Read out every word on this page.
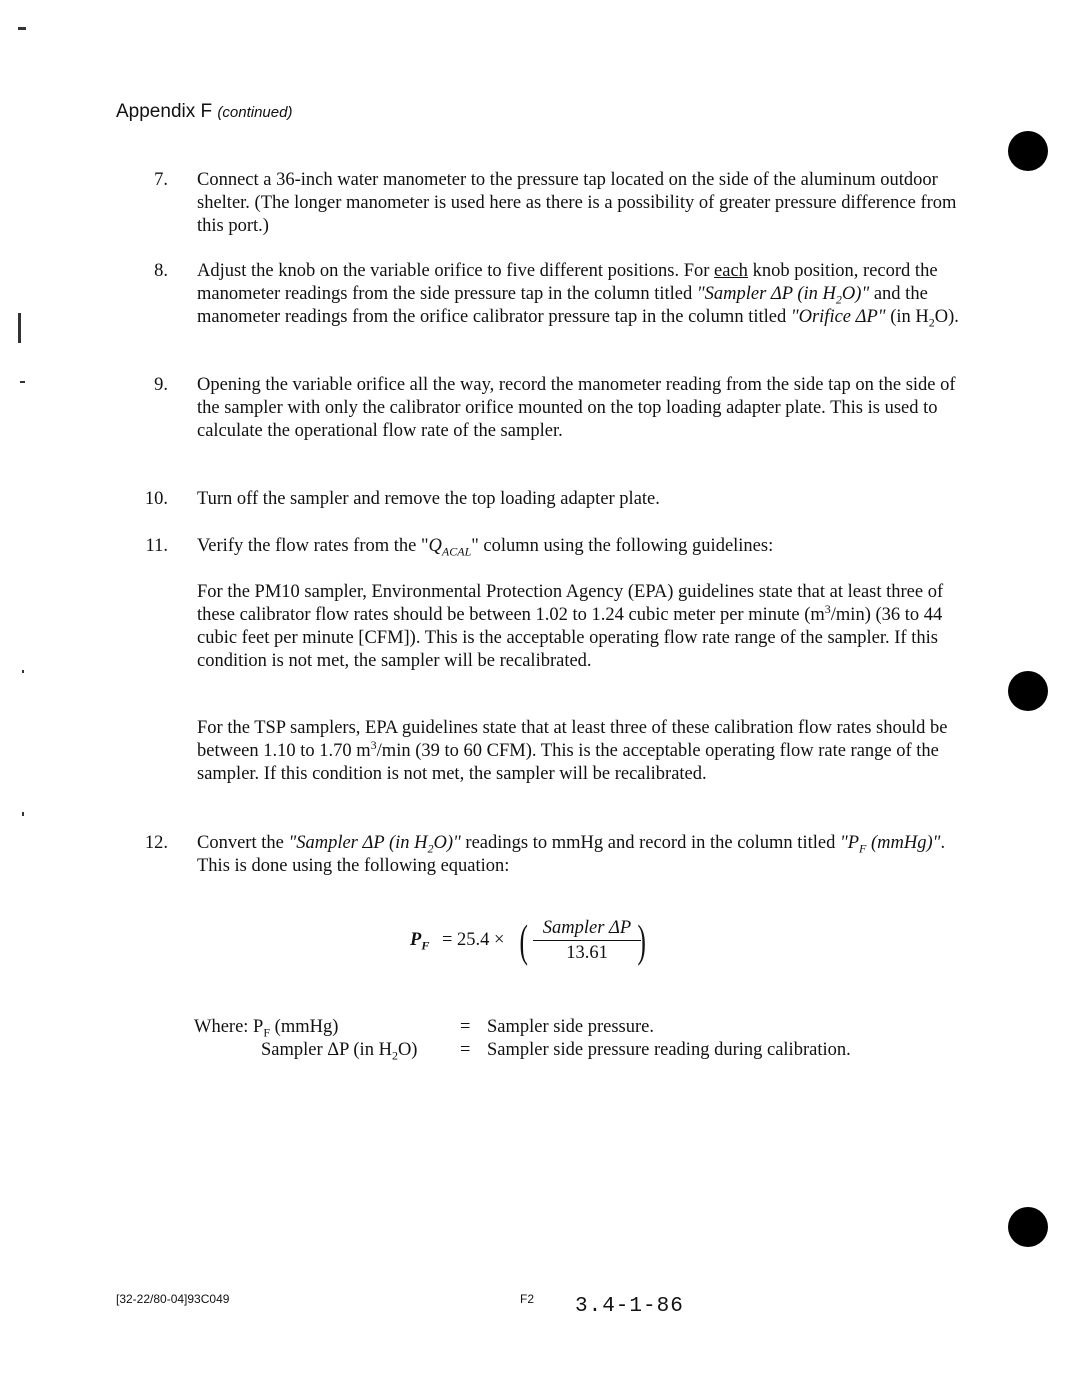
Appendix F (continued)
7. Connect a 36-inch water manometer to the pressure tap located on the side of the aluminum outdoor shelter. (The longer manometer is used here as there is a possibility of greater pressure difference from this port.)
8. Adjust the knob on the variable orifice to five different positions. For each knob position, record the manometer readings from the side pressure tap in the column titled "Sampler ΔP (in $H_2O$)" and the manometer readings from the orifice calibrator pressure tap in the column titled "Orifice ΔP" (in $H_2O$).
9. Opening the variable orifice all the way, record the manometer reading from the side tap on the side of the sampler with only the calibrator orifice mounted on the top loading adapter plate. This is used to calculate the operational flow rate of the sampler.
10. Turn off the sampler and remove the top loading adapter plate.
11. Verify the flow rates from the "$Q_{ACAL}$" column using the following guidelines:
For the PM10 sampler, Environmental Protection Agency (EPA) guidelines state that at least three of these calibrator flow rates should be between 1.02 to 1.24 cubic meter per minute $(m^3/\min)$ (36 to 44 cubic feet per minute [CFM]). This is the acceptable operating flow rate range of the sampler. If this condition is not met, the sampler will be recalibrated.
For the TSP samplers, EPA guidelines state that at least three of these calibration flow rates should be between 1.10 to 1.70 $m^3/\min$ (39 to 60 CFM). This is the acceptable operating flow rate range of the sampler. If this condition is not met, the sampler will be recalibrated.
12. Convert the "Sampler ΔP (in $H_2O$)" readings to mmHg and record in the column titled "$P_F$ (mmHg)". This is done using the following equation:
$P_F = 25.4$ × ( Sampler ΔP
13.61 )
Where: $P_F$ (mmHg)	= Sampler side pressure.
Sampler ΔP (in $H_2O$) = Sampler side pressure reading during calibration.
[32-22/80-04]93C049	F2 3.4-1-86
